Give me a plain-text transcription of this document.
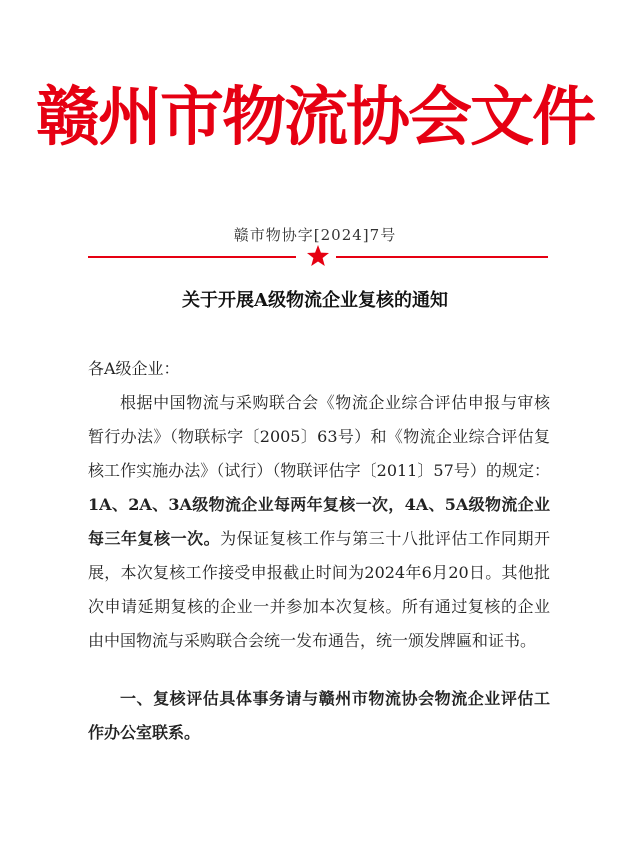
赣州市物流协会文件
赣市物协字[2024]7号
关于开展A级物流企业复核的通知

各A级企业：

根据中国物流与采购联合会《物流企业综合评估申报与审核暂行办法》（物联标字〔2005〕63号）和《物流企业综合评估复核工作实施办法》（试行）（物联评估字〔2011〕57号）的规定：1A、2A、3A级物流企业每两年复核一次，4A、5A级物流企业每三年复核一次。为保证复核工作与第三十八批评估工作同期开展，本次复核工作接受申报截止时间为2024年6月20日。其他批次申请延期复核的企业一并参加本次复核。所有通过复核的企业由中国物流与采购联合会统一发布通告，统一颁发牌匾和证书。

一、复核评估具体事务请与赣州市物流协会物流企业评估工作办公室联系。
